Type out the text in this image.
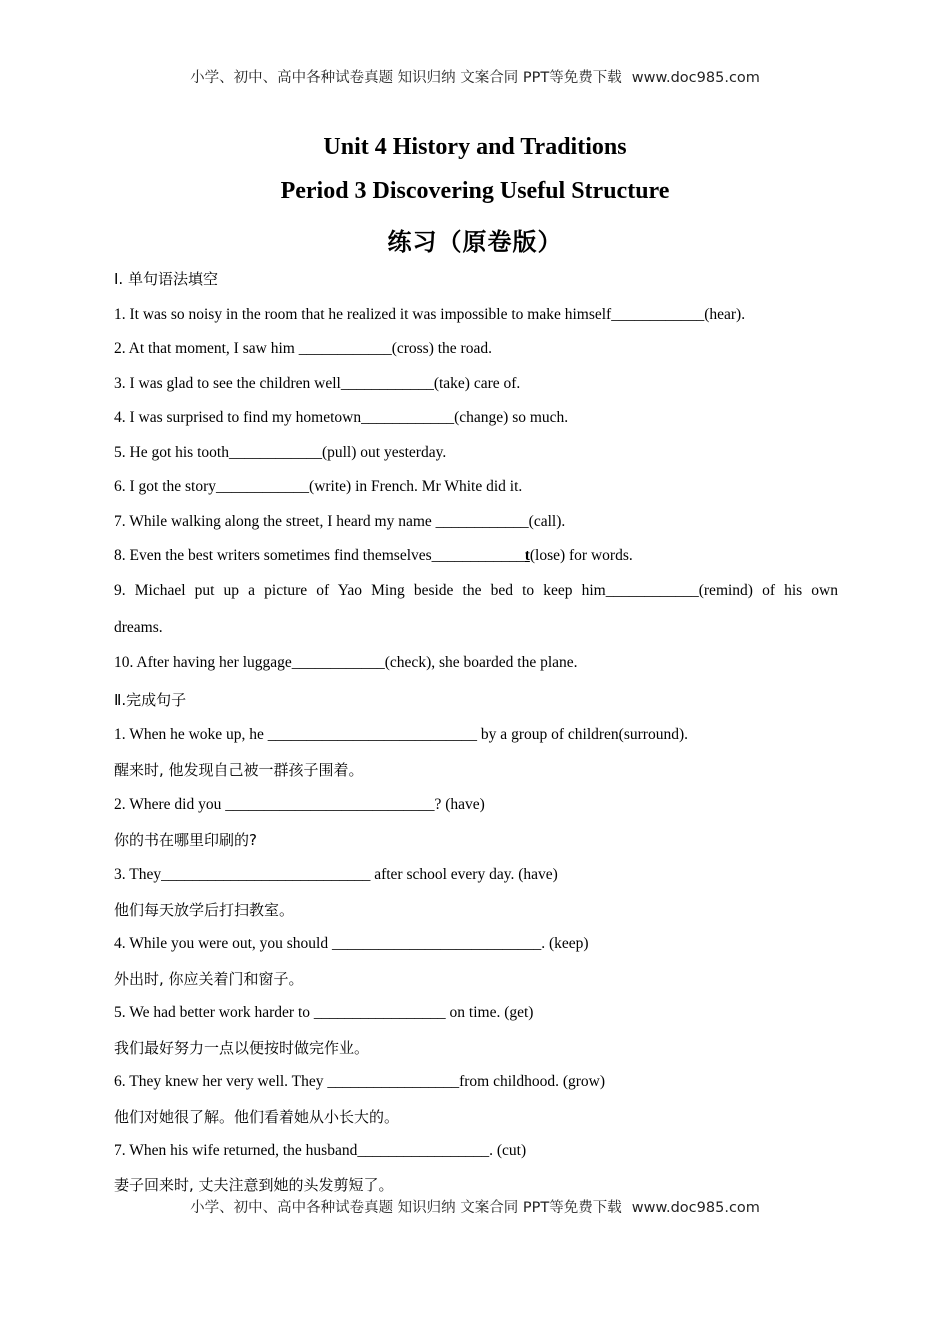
小学、初中、高中各种试卷真题 知识归纳 文案合同 PPT等免费下载 www.doc985.com
Unit 4 History and Traditions
Period 3 Discovering Useful Structure
练习（原卷版）
Ⅰ. 单句语法填空
1. It was so noisy in the room that he realized it was impossible to make himself____________(hear).
2. At that moment, I saw him ____________(cross) the road.
3. I was glad to see the children well____________(take) care of.
4. I was surprised to find my hometown____________(change) so much.
5. He got his tooth____________(pull) out yesterday.
6. I got the story____________(write) in French. Mr White did it.
7. While walking along the street, I heard my name ____________(call).
8. Even the best writers sometimes find themselves____________t(lose) for words.
9. Michael put up a picture of Yao Ming beside the bed to keep him____________(remind) of his own
dreams.
10. After having her luggage____________(check), she boarded the plane.
Ⅱ.完成句子
1. When he woke up, he ___________________________ by a group of children(surround).
醒来时, 他发现自己被一群孩子围着。
2. Where did you ___________________________? (have)
你的书在哪里印刷的?
3. They___________________________ after school every day. (have)
他们每天放学后打扫教室。
4. While you were out, you should ___________________________. (keep)
外出时, 你应关着门和窗子。
5. We had better work harder to _________________ on time. (get)
我们最好努力一点以便按时做完作业。
6. They knew her very well. They _________________from childhood. (grow)
他们对她很了解。他们看着她从小长大的。
7. When his wife returned, the husband_________________. (cut)
妻子回来时, 丈夫注意到她的头发剪短了。
小学、初中、高中各种试卷真题 知识归纳 文案合同 PPT等免费下载 www.doc985.com
